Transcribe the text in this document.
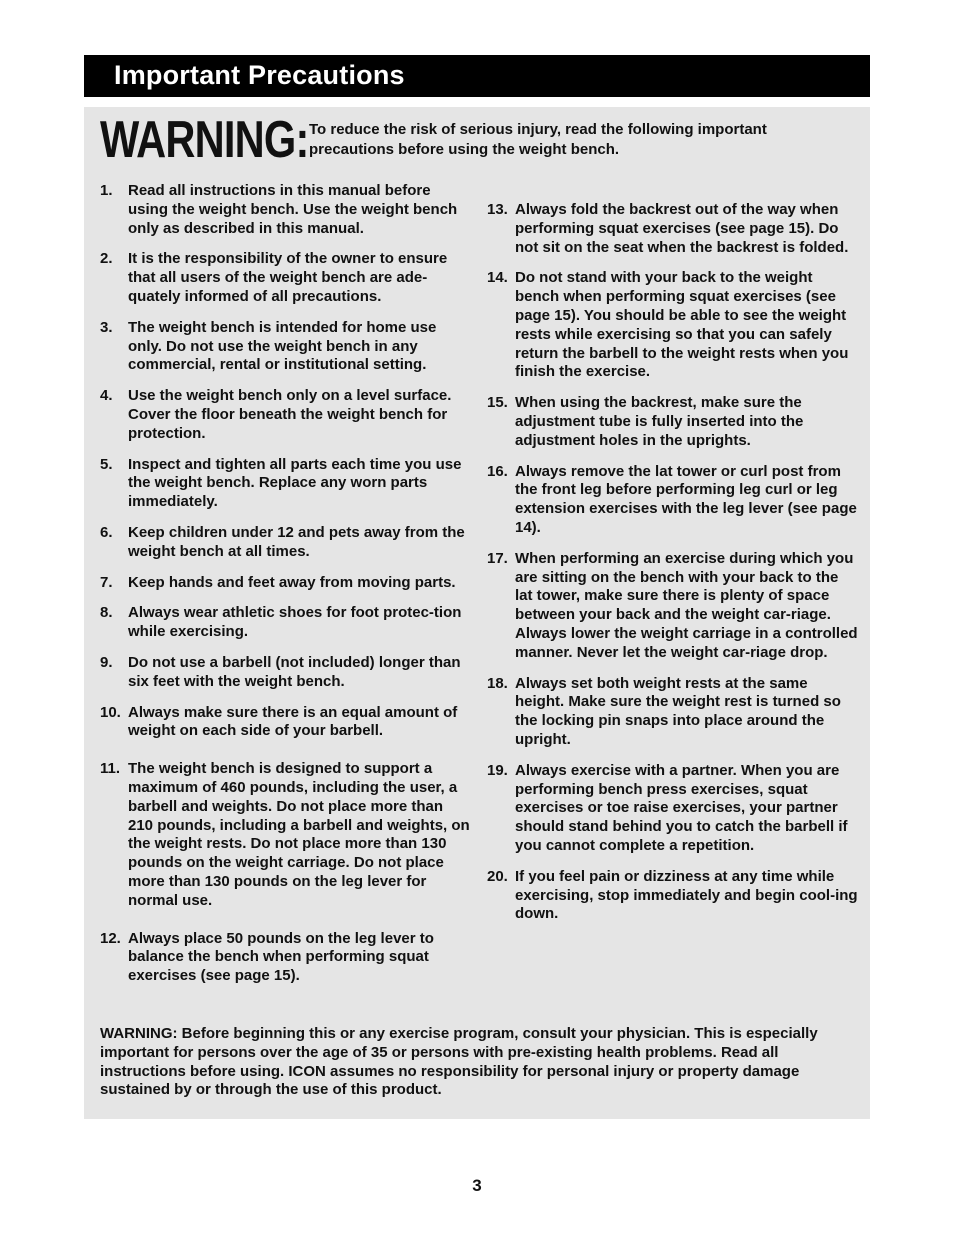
Important Precautions
WARNING: To reduce the risk of serious injury, read the following important precautions before using the weight bench.
1. Read all instructions in this manual before using the weight bench. Use the weight bench only as described in this manual.
2. It is the responsibility of the owner to ensure that all users of the weight bench are ade-quately informed of all precautions.
3. The weight bench is intended for home use only. Do not use the weight bench in any commercial, rental or institutional setting.
4. Use the weight bench only on a level surface. Cover the floor beneath the weight bench for protection.
5. Inspect and tighten all parts each time you use the weight bench. Replace any worn parts immediately.
6. Keep children under 12 and pets away from the weight bench at all times.
7. Keep hands and feet away from moving parts.
8. Always wear athletic shoes for foot protec-tion while exercising.
9. Do not use a barbell (not included) longer than six feet with the weight bench.
10. Always make sure there is an equal amount of weight on each side of your barbell.
11. The weight bench is designed to support a maximum of 460 pounds, including the user, a barbell and weights. Do not place more than 210 pounds, including a barbell and weights, on the weight rests. Do not place more than 130 pounds on the weight carriage. Do not place more than 130 pounds on the leg lever for normal use.
12. Always place 50 pounds on the leg lever to balance the bench when performing squat exercises (see page 15).
13. Always fold the backrest out of the way when performing squat exercises (see page 15). Do not sit on the seat when the backrest is folded.
14. Do not stand with your back to the weight bench when performing squat exercises (see page 15). You should be able to see the weight rests while exercising so that you can safely return the barbell to the weight rests when you finish the exercise.
15. When using the backrest, make sure the adjustment tube is fully inserted into the adjustment holes in the uprights.
16. Always remove the lat tower or curl post from the front leg before performing leg curl or leg extension exercises with the leg lever (see page 14).
17. When performing an exercise during which you are sitting on the bench with your back to the lat tower, make sure there is plenty of space between your back and the weight car-riage. Always lower the weight carriage in a controlled manner. Never let the weight car-riage drop.
18. Always set both weight rests at the same height. Make sure the weight rest is turned so the locking pin snaps into place around the upright.
19. Always exercise with a partner. When you are performing bench press exercises, squat exercises or toe raise exercises, your partner should stand behind you to catch the barbell if you cannot complete a repetition.
20. If you feel pain or dizziness at any time while exercising, stop immediately and begin cool-ing down.
WARNING: Before beginning this or any exercise program, consult your physician. This is especially important for persons over the age of 35 or persons with pre-existing health problems. Read all instructions before using. ICON assumes no responsibility for personal injury or property damage sustained by or through the use of this product.
3
